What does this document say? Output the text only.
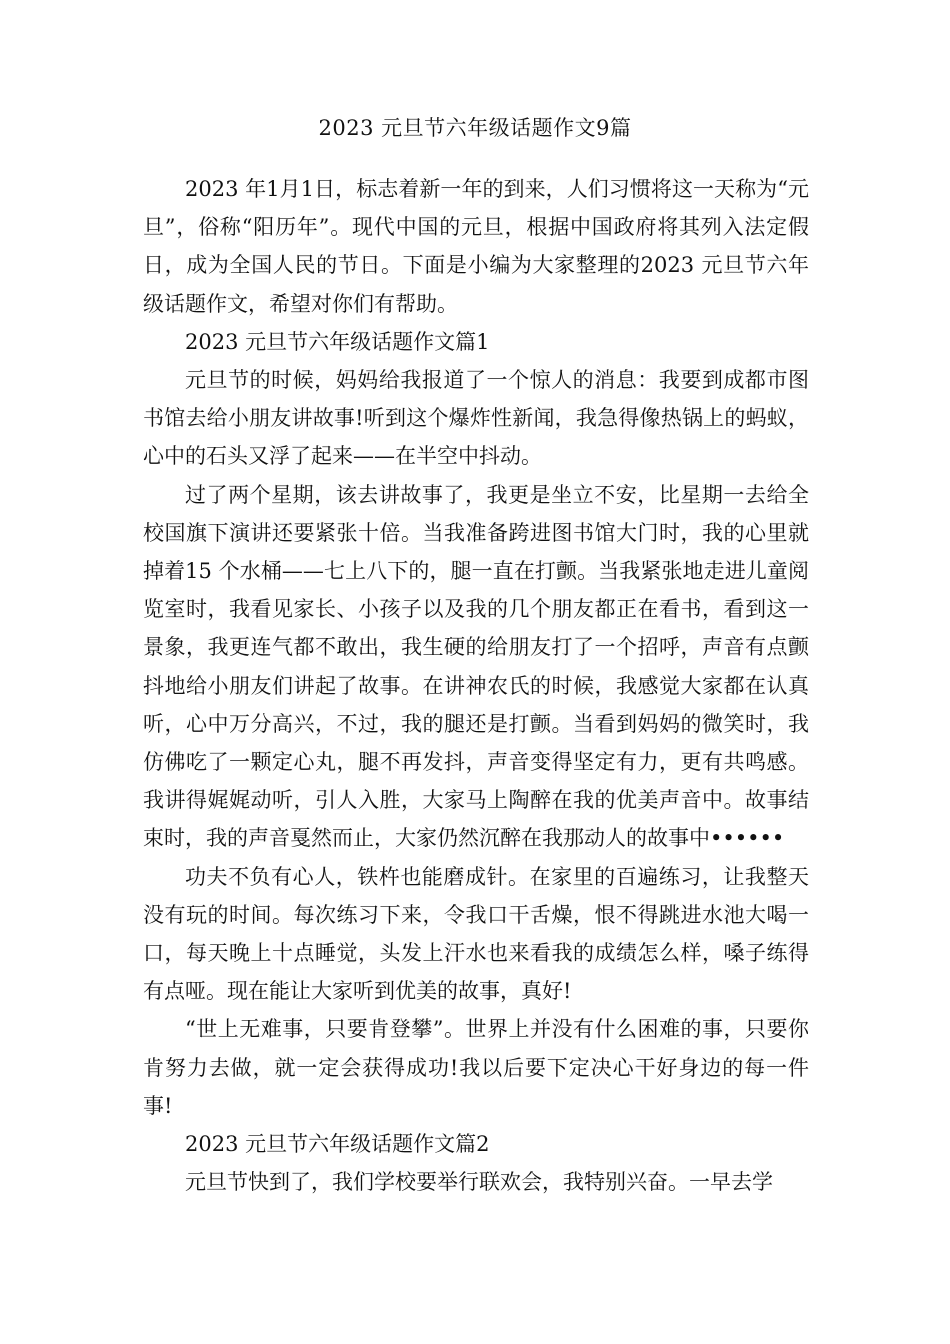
2023 元旦节六年级话题作文9篇

2023 年1月1日，标志着新一年的到来，人们习惯将这一天称为“元旦”，俗称“阳历年”。现代中国的元旦，根据中国政府将其列入法定假日，成为全国人民的节日。下面是小编为大家整理的2023 元旦节六年级话题作文，希望对你们有帮助。

2023 元旦节六年级话题作文篇1

元旦节的时候，妈妈给我报道了一个惊人的消息：我要到成都市图书馆去给小朋友讲故事!听到这个爆炸性新闻，我急得像热锅上的蚂蚁，心中的石头又浮了起来——在半空中抖动。

过了两个星期，该去讲故事了，我更是坐立不安，比星期一去给全校国旗下演讲还要紧张十倍。当我准备跨进图书馆大门时，我的心里就掉着15 个水桶——七上八下的，腿一直在打颤。当我紧张地走进儿童阅览室时，我看见家长、小孩子以及我的几个朋友都正在看书，看到这一景象，我更连气都不敢出，我生硬的给朋友打了一个招呼，声音有点颤抖地给小朋友们讲起了故事。在讲神农氏的时候，我感觉大家都在认真听，心中万分高兴，不过，我的腿还是打颤。当看到妈妈的微笑时，我仿佛吃了一颗定心丸，腿不再发抖，声音变得坚定有力，更有共鸣感。我讲得娓娓动听，引人入胜，大家马上陶醉在我的优美声音中。故事结束时，我的声音戛然而止，大家仍然沉醉在我那动人的故事中••••••

功夫不负有心人，铁杵也能磨成针。在家里的百遍练习，让我整天没有玩的时间。每次练习下来，令我口干舌燥，恨不得跳进水池大喝一口，每天晚上十点睡觉，头发上汗水也来看我的成绩怎么样，嗓子练得有点哑。现在能让大家听到优美的故事，真好!

“世上无难事，只要肯登攀”。世界上并没有什么困难的事，只要你肯努力去做，就一定会获得成功!我以后要下定决心干好身边的每一件事!

2023 元旦节六年级话题作文篇2

元旦节快到了，我们学校要举行联欢会，我特别兴奋。一早去学
